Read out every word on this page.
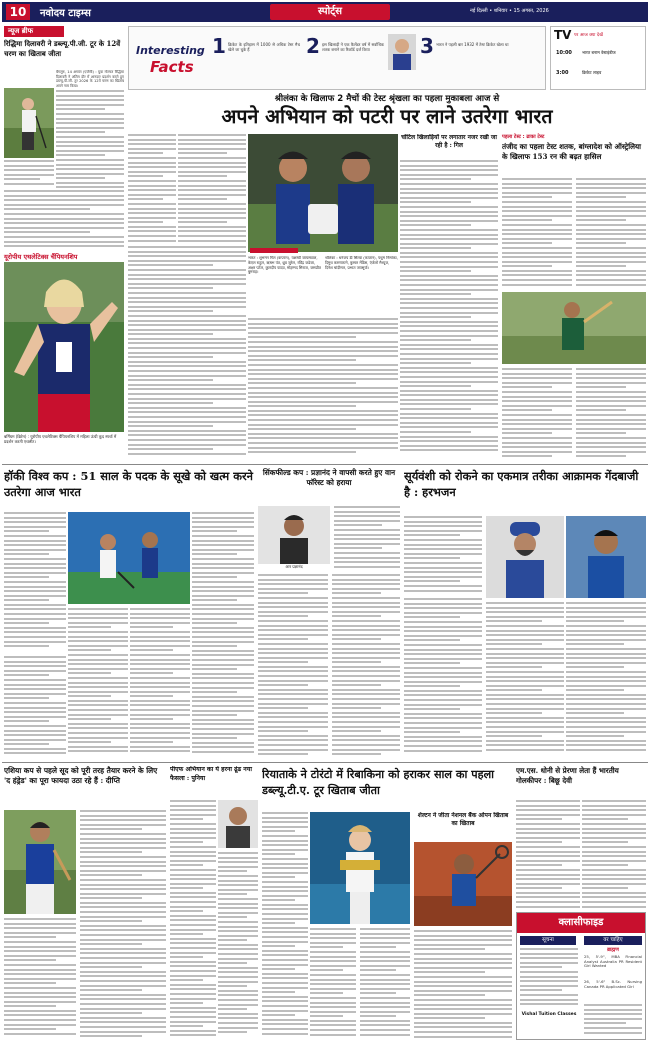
10	नवोदय टाइम्स	स्पोर्ट्स	नई दिल्ली • शनिवार • 15 अगस्त, 2026
न्यूज ब्रीफ
रिद्धिमा दिलावरी ने डब्ल्यू.पी.जी. टूर के 12वें चरण का खिताब जीता
बेंगलुरु, 14 अगस्त (एजेंसी) : युवा गोल्फर रिद्धिमा दिलावरी ने अंतिम दौर में शानदार प्रदर्शन करते हुए डब्ल्यू.पी.जी. टूर 2026 के 12वें चरण का खिताब अपने नाम किया।
यूरोपीय एथलेटिक्स चैंपियनशिप
बर्मिंघम (ब्रिटेन) : यूरोपीय एथलेटिक्स चैंपियनशिप में महिला ऊंची कूद स्पर्धा में प्रदर्शन करती एथलीट।
Interesting
Facts
1 क्रिकेट के इतिहास में 1000 से अधिक टेस्ट मैच खेले जा चुके हैं	2 इस खिलाड़ी ने एक कैलेंडर वर्ष में सर्वाधिक शतक बनाने का रिकॉर्ड दर्ज किया	3 भारत ने पहली बार 1932 में टेस्ट क्रिकेट खेला था
TV पर आज क्या देखें
10:00 भारत बनाम वेस्टइंडीज
3:00	क्रिकेट लाइव
श्रीलंका के खिलाफ 2 मैचों की टेस्ट श्रृंखला का पहला मुकाबला आज से
अपने अभियान को पटरी पर लाने उतरेगा भारत
भारत : शुभमन गिल (कप्तान), यशस्वी जायसवाल, केएल राहुल, ऋषभ पंत, ध्रुव जुरेल, रविंद्र जडेजा, अक्षर पटेल, कुलदीप यादव, मोहम्मद सिराज, जसप्रीत बुमराह।
श्रीलंका : धनंजय डी सिल्वा (कप्तान), पथुम निसांका, दिमुथ करुणारत्ने, कुसल मेंडिस, एंजेलो मैथ्यूज, दिनेश चांदीमल, प्रभात जयसूर्या।
चोटिल खिलाड़ियों पर लगातार नजर रखी जा रही है : गिल
पहला टेस्ट : ढाका टेस्ट
तंजीद का पहला टेस्ट शतक, बांग्लादेश को ऑस्ट्रेलिया के खिलाफ 153 रन की बढ़त हासिल
हॉकी विश्व कप : 51 साल के पदक के सूखे को खत्म करने उतरेगा आज भारत
सिंकफील्ड कप : प्रज्ञानंद ने वापसी करते हुए वान फॉरेस्ट को हराया
आर प्रज्ञानंद
सूर्यवंशी को रोकने का एकमात्र तरीका आक्रामक गेंदबाजी है : हरभजन
एशिया कप से पहले सूद को पूरी तरह तैयार करने के लिए 'द हंड्रेड' का पूरा फायदा उठा रहे हैं : दीप्ति
पीएफ अभियान का ये हरना ढूंढ नया फैसला : पुनिया	रियाताके ने टोरंटो में रिबाकिना को हराकर साल का पहला डब्ल्यू.टी.ए. टूर खिताब जीता
शेल्टन ने जीता नेशनल बैंक ओपन खिताब का खिताब
एम.एस. धोनी से प्रेरणा लेता हैं भारतीय गोलकीपर : बिछू देवी
क्लासीफाइड
सूचना	वर चाहिए
ब्राह्मण
25, 5'-9", MBA Financial Analyst Australia PR Resident Girl Wanted
26, 5'-6" B.Sc. Nursing Canada PR Applicated Girl
Vishal Tuition Classes
